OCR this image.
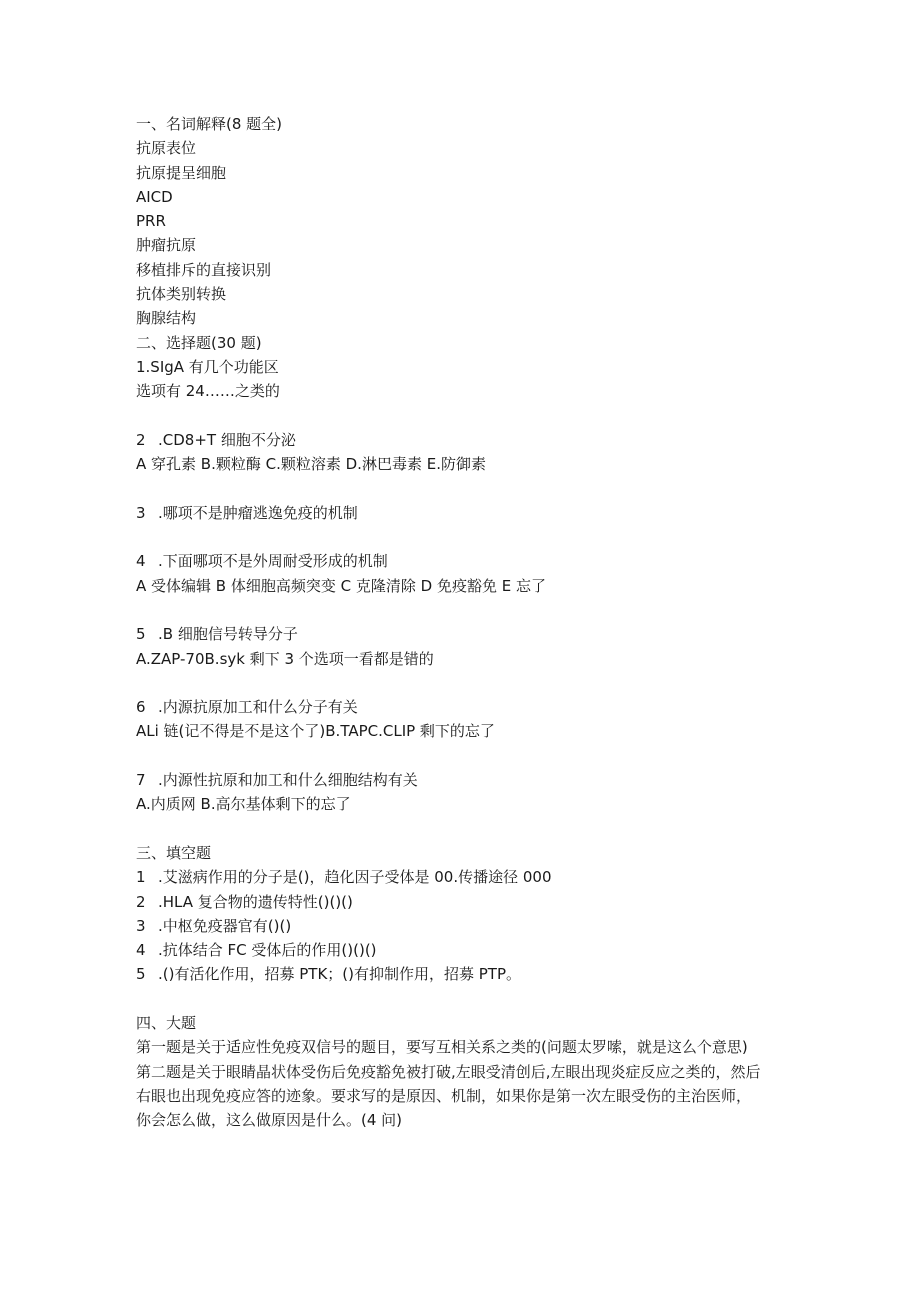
一、名词解释(8 题全)
抗原表位
抗原提呈细胞
AICD
PRR
肿瘤抗原
移植排斥的直接识别
抗体类别转换
胸腺结构
二、选择题(30 题)
1.SIgA 有几个功能区
选项有 24……之类的
2 .CD8+T 细胞不分泌
A 穿孔素 B.颗粒酶 C.颗粒溶素 D.淋巴毒素 E.防御素
3 .哪项不是肿瘤逃逸免疫的机制
4 .下面哪项不是外周耐受形成的机制
A 受体编辑 B 体细胞高频突变 C 克隆清除 D 免疫豁免 E 忘了
5 .B 细胞信号转导分子
A.ZAP-70B.syk 剩下 3 个选项一看都是错的
6 .内源抗原加工和什么分子有关
ALi 链(记不得是不是这个了)B.TAPC.CLIP 剩下的忘了
7 .内源性抗原和加工和什么细胞结构有关
A.内质网 B.高尔基体剩下的忘了
三、填空题
1 .艾滋病作用的分子是()，趋化因子受体是 00.传播途径 000
2 .HLA 复合物的遗传特性()()()
3 .中枢免疫器官有()()
4 .抗体结合 FC 受体后的作用()()()
5 .()有活化作用，招募 PTK；()有抑制作用，招募 PTP。
四、大题
第一题是关于适应性免疫双信号的题目，要写互相关系之类的(问题太罗嗦，就是这么个意思)
第二题是关于眼睛晶状体受伤后免疫豁免被打破,左眼受清创后,左眼出现炎症反应之类的，然后
右眼也出现免疫应答的迹象。要求写的是原因、机制，如果你是第一次左眼受伤的主治医师，
你会怎么做，这么做原因是什么。(4 问)
